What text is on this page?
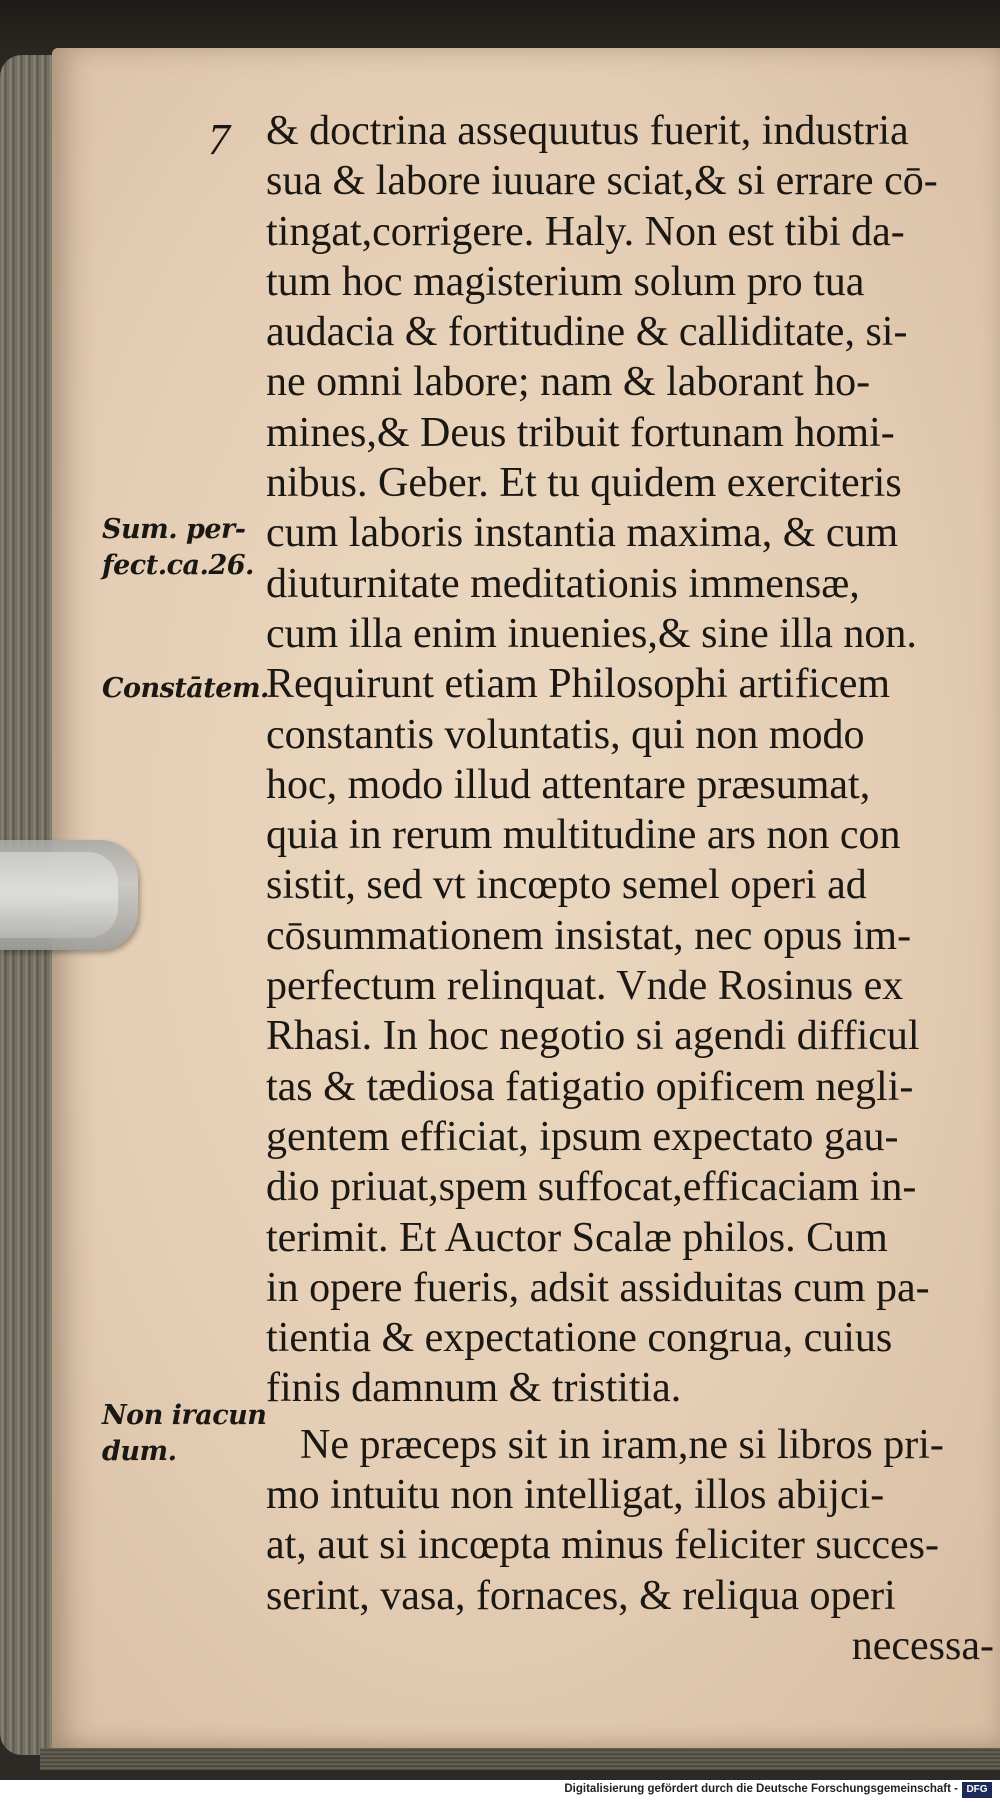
7
Sum. per-
fect.ca.26.
Constātem.
Non iracun
dum.
& doctrina assequutus fuerit, industria
sua & labore iuuare sciat,& si errare cō-
tingat,corrigere. Haly. Non est tibi da-
tum hoc magisterium solum pro tua
audacia & fortitudine & calliditate, si-
ne omni labore; nam & laborant ho-
mines,& Deus tribuit fortunam homi-
nibus. Geber. Et tu quidem exerciteris
cum laboris instantia maxima, & cum
diuturnitate meditationis immensæ,
cum illa enim inuenies,& sine illa non.
Requirunt etiam Philosophi artificem
constantis voluntatis, qui non modo
hoc, modo illud attentare præsumat,
quia in rerum multitudine ars non con
sistit, sed vt incœpto semel operi ad
cōsummationem insistat, nec opus im-
perfectum relinquat. Vnde Rosinus ex
Rhasi. In hoc negotio si agendi difficul
tas & tædiosa fatigatio opificem negli-
gentem efficiat, ipsum expectato gau-
dio priuat,spem suffocat,efficaciam in-
terimit. Et Auctor Scalæ philos. Cum
in opere fueris, adsit assiduitas cum pa-
tientia & expectatione congrua, cuius
finis damnum & tristitia.
Ne præceps sit in iram,ne si libros pri-
mo intuitu non intelligat, illos abijci-
at, aut si incœpta minus feliciter succes-
serint, vasa, fornaces, & reliqua operi
necessa-
Digitalisierung gefördert durch die Deutsche Forschungsgemeinschaft - DFG
